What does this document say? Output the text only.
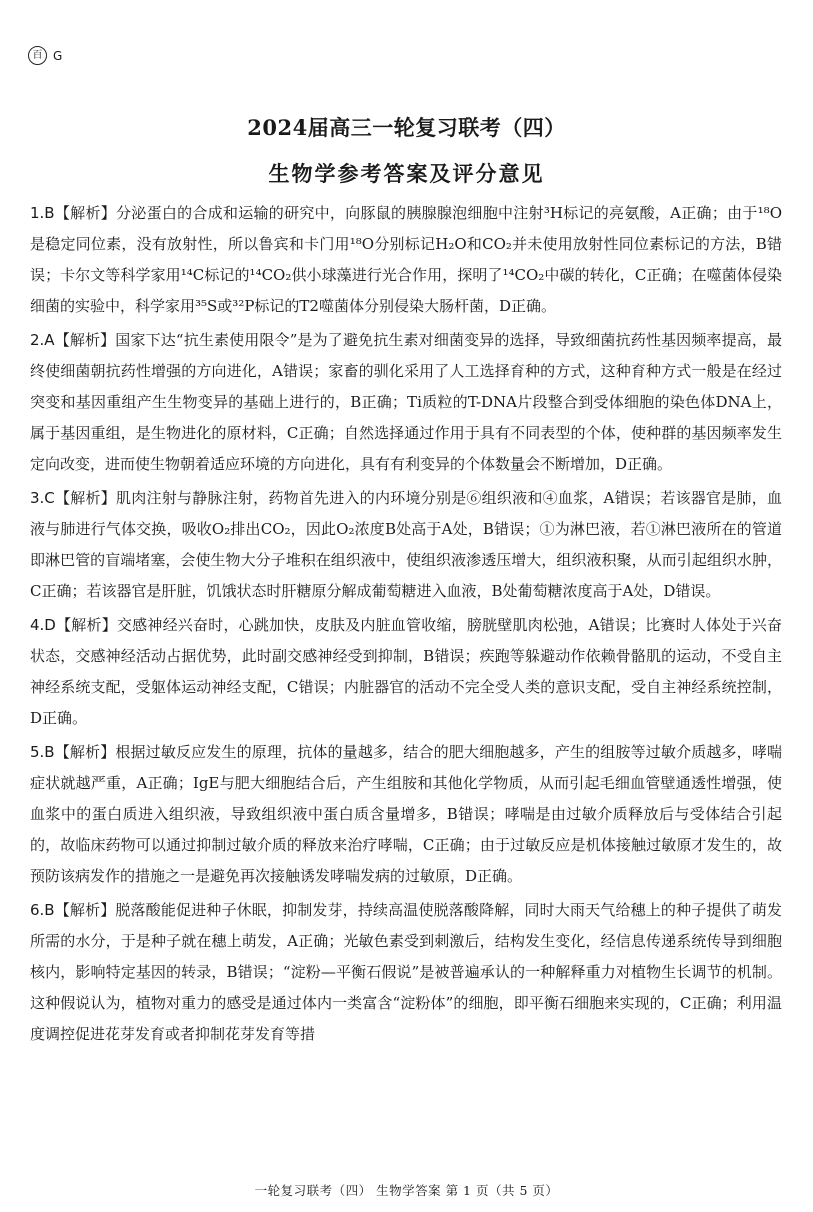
百 G
2024届高三一轮复习联考（四）
生物学参考答案及评分意见

1.B【解析】分泌蛋白的合成和运输的研究中，向豚鼠的胰腺腺泡细胞中注射³H标记的亮氨酸，A正确；由于¹⁸O是稳定同位素，没有放射性，所以鲁宾和卡门用¹⁸O分别标记H₂O和CO₂并未使用放射性同位素标记的方法，B错误；卡尔文等科学家用¹⁴C标记的¹⁴CO₂供小球藻进行光合作用，探明了¹⁴CO₂中碳的转化，C正确；在噬菌体侵染细菌的实验中，科学家用³⁵S或³²P标记的T2噬菌体分别侵染大肠杆菌，D正确。

2.A【解析】国家下达“抗生素使用限令”是为了避免抗生素对细菌变异的选择，导致细菌抗药性基因频率提高，最终使细菌朝抗药性增强的方向进化，A错误；家畜的驯化采用了人工选择育种的方式，这种育种方式一般是在经过突变和基因重组产生生物变异的基础上进行的，B正确；Ti质粒的T-DNA片段整合到受体细胞的染色体DNA上，属于基因重组，是生物进化的原材料，C正确；自然选择通过作用于具有不同表型的个体，使种群的基因频率发生定向改变，进而使生物朝着适应环境的方向进化，具有有利变异的个体数量会不断增加，D正确。

3.C【解析】肌肉注射与静脉注射，药物首先进入的内环境分别是⑥组织液和④血浆，A错误；若该器官是肺，血液与肺进行气体交换，吸收O₂排出CO₂，因此O₂浓度B处高于A处，B错误；①为淋巴液，若①淋巴液所在的管道即淋巴管的盲端堵塞，会使生物大分子堆积在组织液中，使组织液渗透压增大，组织液积聚，从而引起组织水肿，C正确；若该器官是肝脏，饥饿状态时肝糖原分解成葡萄糖进入血液，B处葡萄糖浓度高于A处，D错误。

4.D【解析】交感神经兴奋时，心跳加快，皮肤及内脏血管收缩，膀胱壁肌肉松弛，A错误；比赛时人体处于兴奋状态，交感神经活动占据优势，此时副交感神经受到抑制，B错误；疾跑等躲避动作依赖骨骼肌的运动，不受自主神经系统支配，受躯体运动神经支配，C错误；内脏器官的活动不完全受人类的意识支配，受自主神经系统控制，D正确。

5.B【解析】根据过敏反应发生的原理，抗体的量越多，结合的肥大细胞越多，产生的组胺等过敏介质越多，哮喘症状就越严重，A正确；IgE与肥大细胞结合后，产生组胺和其他化学物质，从而引起毛细血管壁通透性增强，使血浆中的蛋白质进入组织液，导致组织液中蛋白质含量增多，B错误；哮喘是由过敏介质释放后与受体结合引起的，故临床药物可以通过抑制过敏介质的释放来治疗哮喘，C正确；由于过敏反应是机体接触过敏原才发生的，故预防该病发作的措施之一是避免再次接触诱发哮喘发病的过敏原，D正确。

6.B【解析】脱落酸能促进种子休眠，抑制发芽，持续高温使脱落酸降解，同时大雨天气给穗上的种子提供了萌发所需的水分，于是种子就在穗上萌发，A正确；光敏色素受到刺激后，结构发生变化，经信息传递系统传导到细胞核内，影响特定基因的转录，B错误；“淀粉—平衡石假说”是被普遍承认的一种解释重力对植物生长调节的机制。这种假说认为，植物对重力的感受是通过体内一类富含“淀粉体”的细胞，即平衡石细胞来实现的，C正确；利用温度调控促进花芽发育或者抑制花芽发育等措

一轮复习联考（四） 生物学答案 第 1 页（共 5 页）
